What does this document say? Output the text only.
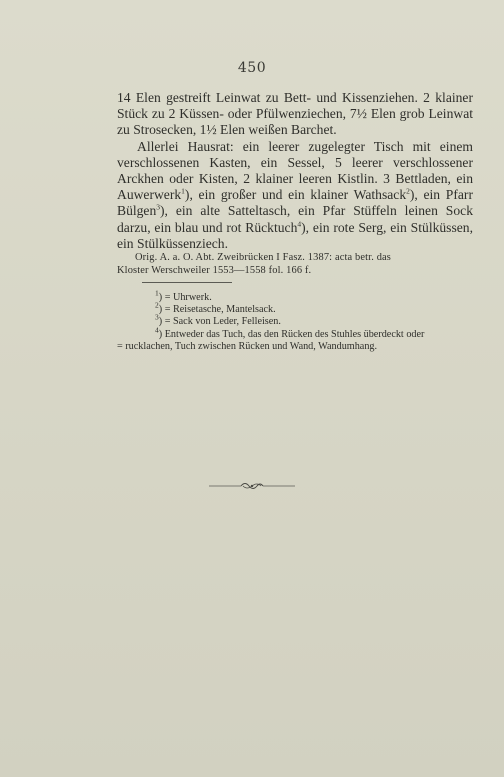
450

14 Elen gestreift Leinwat zu Bett- und Kissenziehen. 2 klainer Stück zu 2 Küssen- oder Pfülwenziechen, 7½ Elen grob Leinwat zu Strosecken, 1½ Elen weißen Barchet.

Allerlei Hausrat: ein leerer zugelegter Tisch mit einem verschlossenen Kasten, ein Sessel, 5 leerer verschlossener Arckhen oder Kisten, 2 klainer leeren Kistlin. 3 Bettladen, ein Auwerwerk$^1$), ein großer und ein klainer Wathsack$^2$), ein Pfarr Bülgen$^3$), ein alte Satteltasch, ein Pfar Stüffeln leinen Sock darzu, ein blau und rot Rücktuch$^4$), ein rote Serg, ein Stülküssen, ein Stülküssenziech.

Orig. A. a. O. Abt. Zweibrücken I Fasz. 1387: acta betr. das
Kloster Werschweiler 1553—1558 fol. 166 f.
$^1$) = Uhrwerk.
$^2$) = Reisetasche, Mantelsack.
$^3$) = Sack von Leder, Felleisen.
$^4$) Entweder das Tuch, das den Rücken des Stuhles überdeckt oder
= rucklachen, Tuch zwischen Rücken und Wand, Wandumhang.
